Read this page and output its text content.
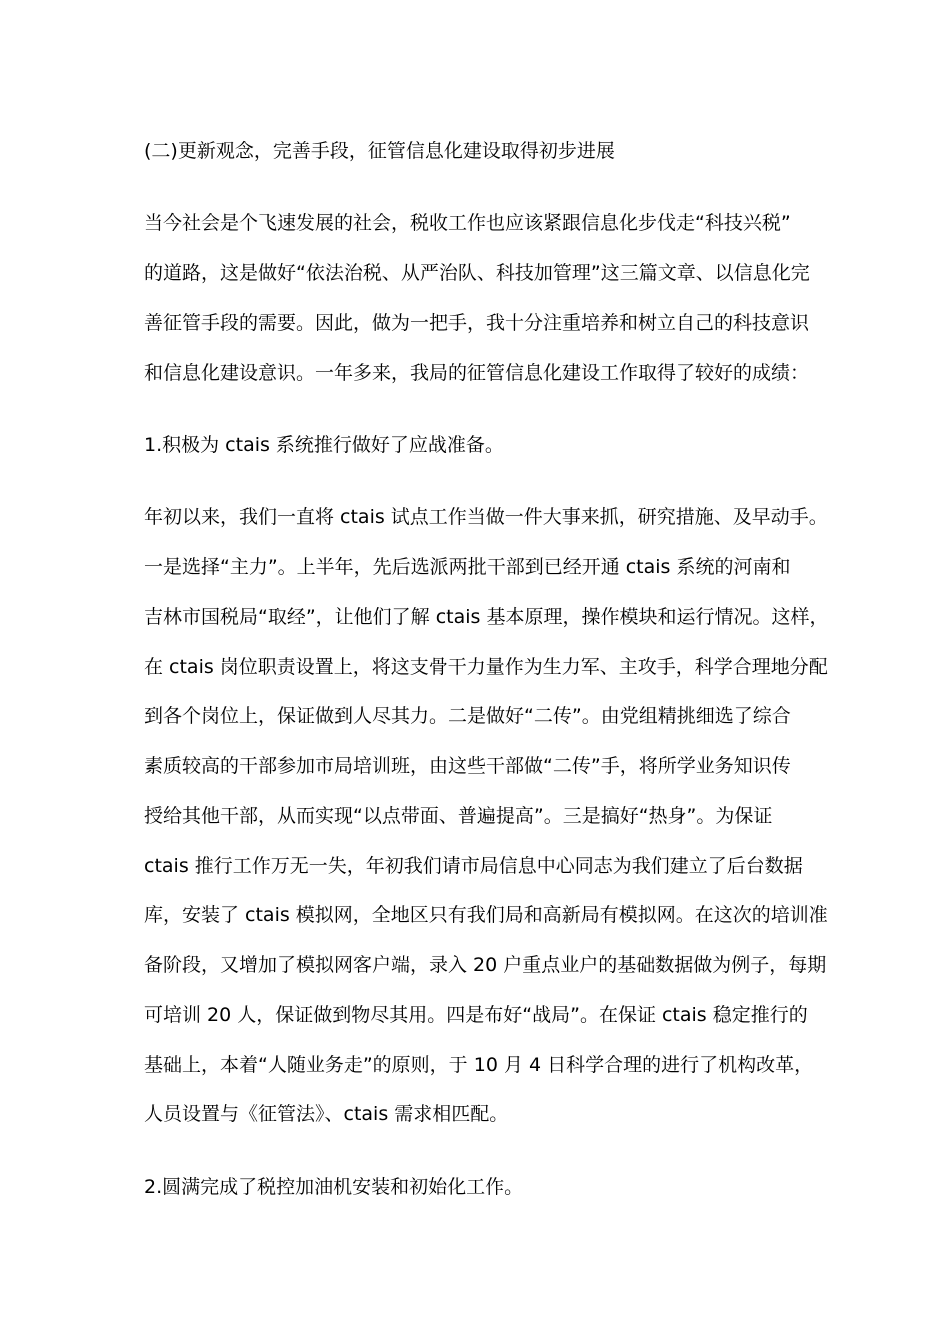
(二)更新观念，完善手段，征管信息化建设取得初步进展
当今社会是个飞速发展的社会，税收工作也应该紧跟信息化步伐走“科技兴税”
的道路，这是做好“依法治税、从严治队、科技加管理”这三篇文章、以信息化完
善征管手段的需要。因此，做为一把手，我十分注重培养和树立自己的科技意识
和信息化建设意识。一年多来，我局的征管信息化建设工作取得了较好的成绩：
1.积极为 ctais 系统推行做好了应战准备。
年初以来，我们一直将 ctais 试点工作当做一件大事来抓，研究措施、及早动手。
一是选择“主力”。上半年，先后选派两批干部到已经开通 ctais 系统的河南和
吉林市国税局“取经”，让他们了解 ctais 基本原理，操作模块和运行情况。这样，
在 ctais 岗位职责设置上，将这支骨干力量作为生力军、主攻手，科学合理地分配
到各个岗位上，保证做到人尽其力。二是做好“二传”。由党组精挑细选了综合
素质较高的干部参加市局培训班，由这些干部做“二传”手，将所学业务知识传
授给其他干部，从而实现“以点带面、普遍提高”。三是搞好“热身”。为保证
ctais 推行工作万无一失，年初我们请市局信息中心同志为我们建立了后台数据
库，安装了 ctais 模拟网，全地区只有我们局和高新局有模拟网。在这次的培训准
备阶段，又增加了模拟网客户端，录入 20 户重点业户的基础数据做为例子，每期
可培训 20 人，保证做到物尽其用。四是布好“战局”。在保证 ctais 稳定推行的
基础上，本着“人随业务走”的原则，于 10 月 4 日科学合理的进行了机构改革，
人员设置与《征管法》、ctais 需求相匹配。
2.圆满完成了税控加油机安装和初始化工作。
